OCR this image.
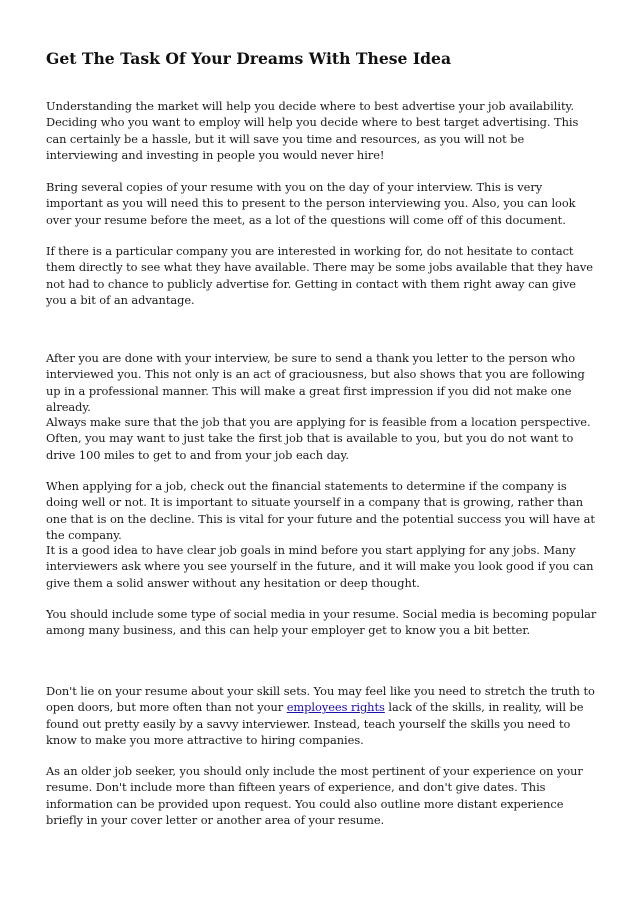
Get The Task Of Your Dreams With These Idea

Understanding the market will help you decide where to best advertise your job availability. Deciding who you want to employ will help you decide where to best target advertising. This can certainly be a hassle, but it will save you time and resources, as you will not be interviewing and investing in people you would never hire!

Bring several copies of your resume with you on the day of your interview. This is very important as you will need this to present to the person interviewing you. Also, you can look over your resume before the meet, as a lot of the questions will come off of this document.

If there is a particular company you are interested in working for, do not hesitate to contact them directly to see what they have available. There may be some jobs available that they have not had to chance to publicly advertise for. Getting in contact with them right away can give you a bit of an advantage.

After you are done with your interview, be sure to send a thank you letter to the person who interviewed you. This not only is an act of graciousness, but also shows that you are following up in a professional manner. This will make a great first impression if you did not make one already.

Always make sure that the job that you are applying for is feasible from a location perspective. Often, you may want to just take the first job that is available to you, but you do not want to drive 100 miles to get to and from your job each day.

When applying for a job, check out the financial statements to determine if the company is doing well or not. It is important to situate yourself in a company that is growing, rather than one that is on the decline. This is vital for your future and the potential success you will have at the company.

It is a good idea to have clear job goals in mind before you start applying for any jobs. Many interviewers ask where you see yourself in the future, and it will make you look good if you can give them a solid answer without any hesitation or deep thought.

You should include some type of social media in your resume. Social media is becoming popular among many business, and this can help your employer get to know you a bit better.

Don't lie on your resume about your skill sets. You may feel like you need to stretch the truth to open doors, but more often than not your employees rights lack of the skills, in reality, will be found out pretty easily by a savvy interviewer. Instead, teach yourself the skills you need to know to make you more attractive to hiring companies.

As an older job seeker, you should only include the most pertinent of your experience on your resume. Don't include more than fifteen years of experience, and don't give dates. This information can be provided upon request. You could also outline more distant experience briefly in your cover letter or another area of your resume.
